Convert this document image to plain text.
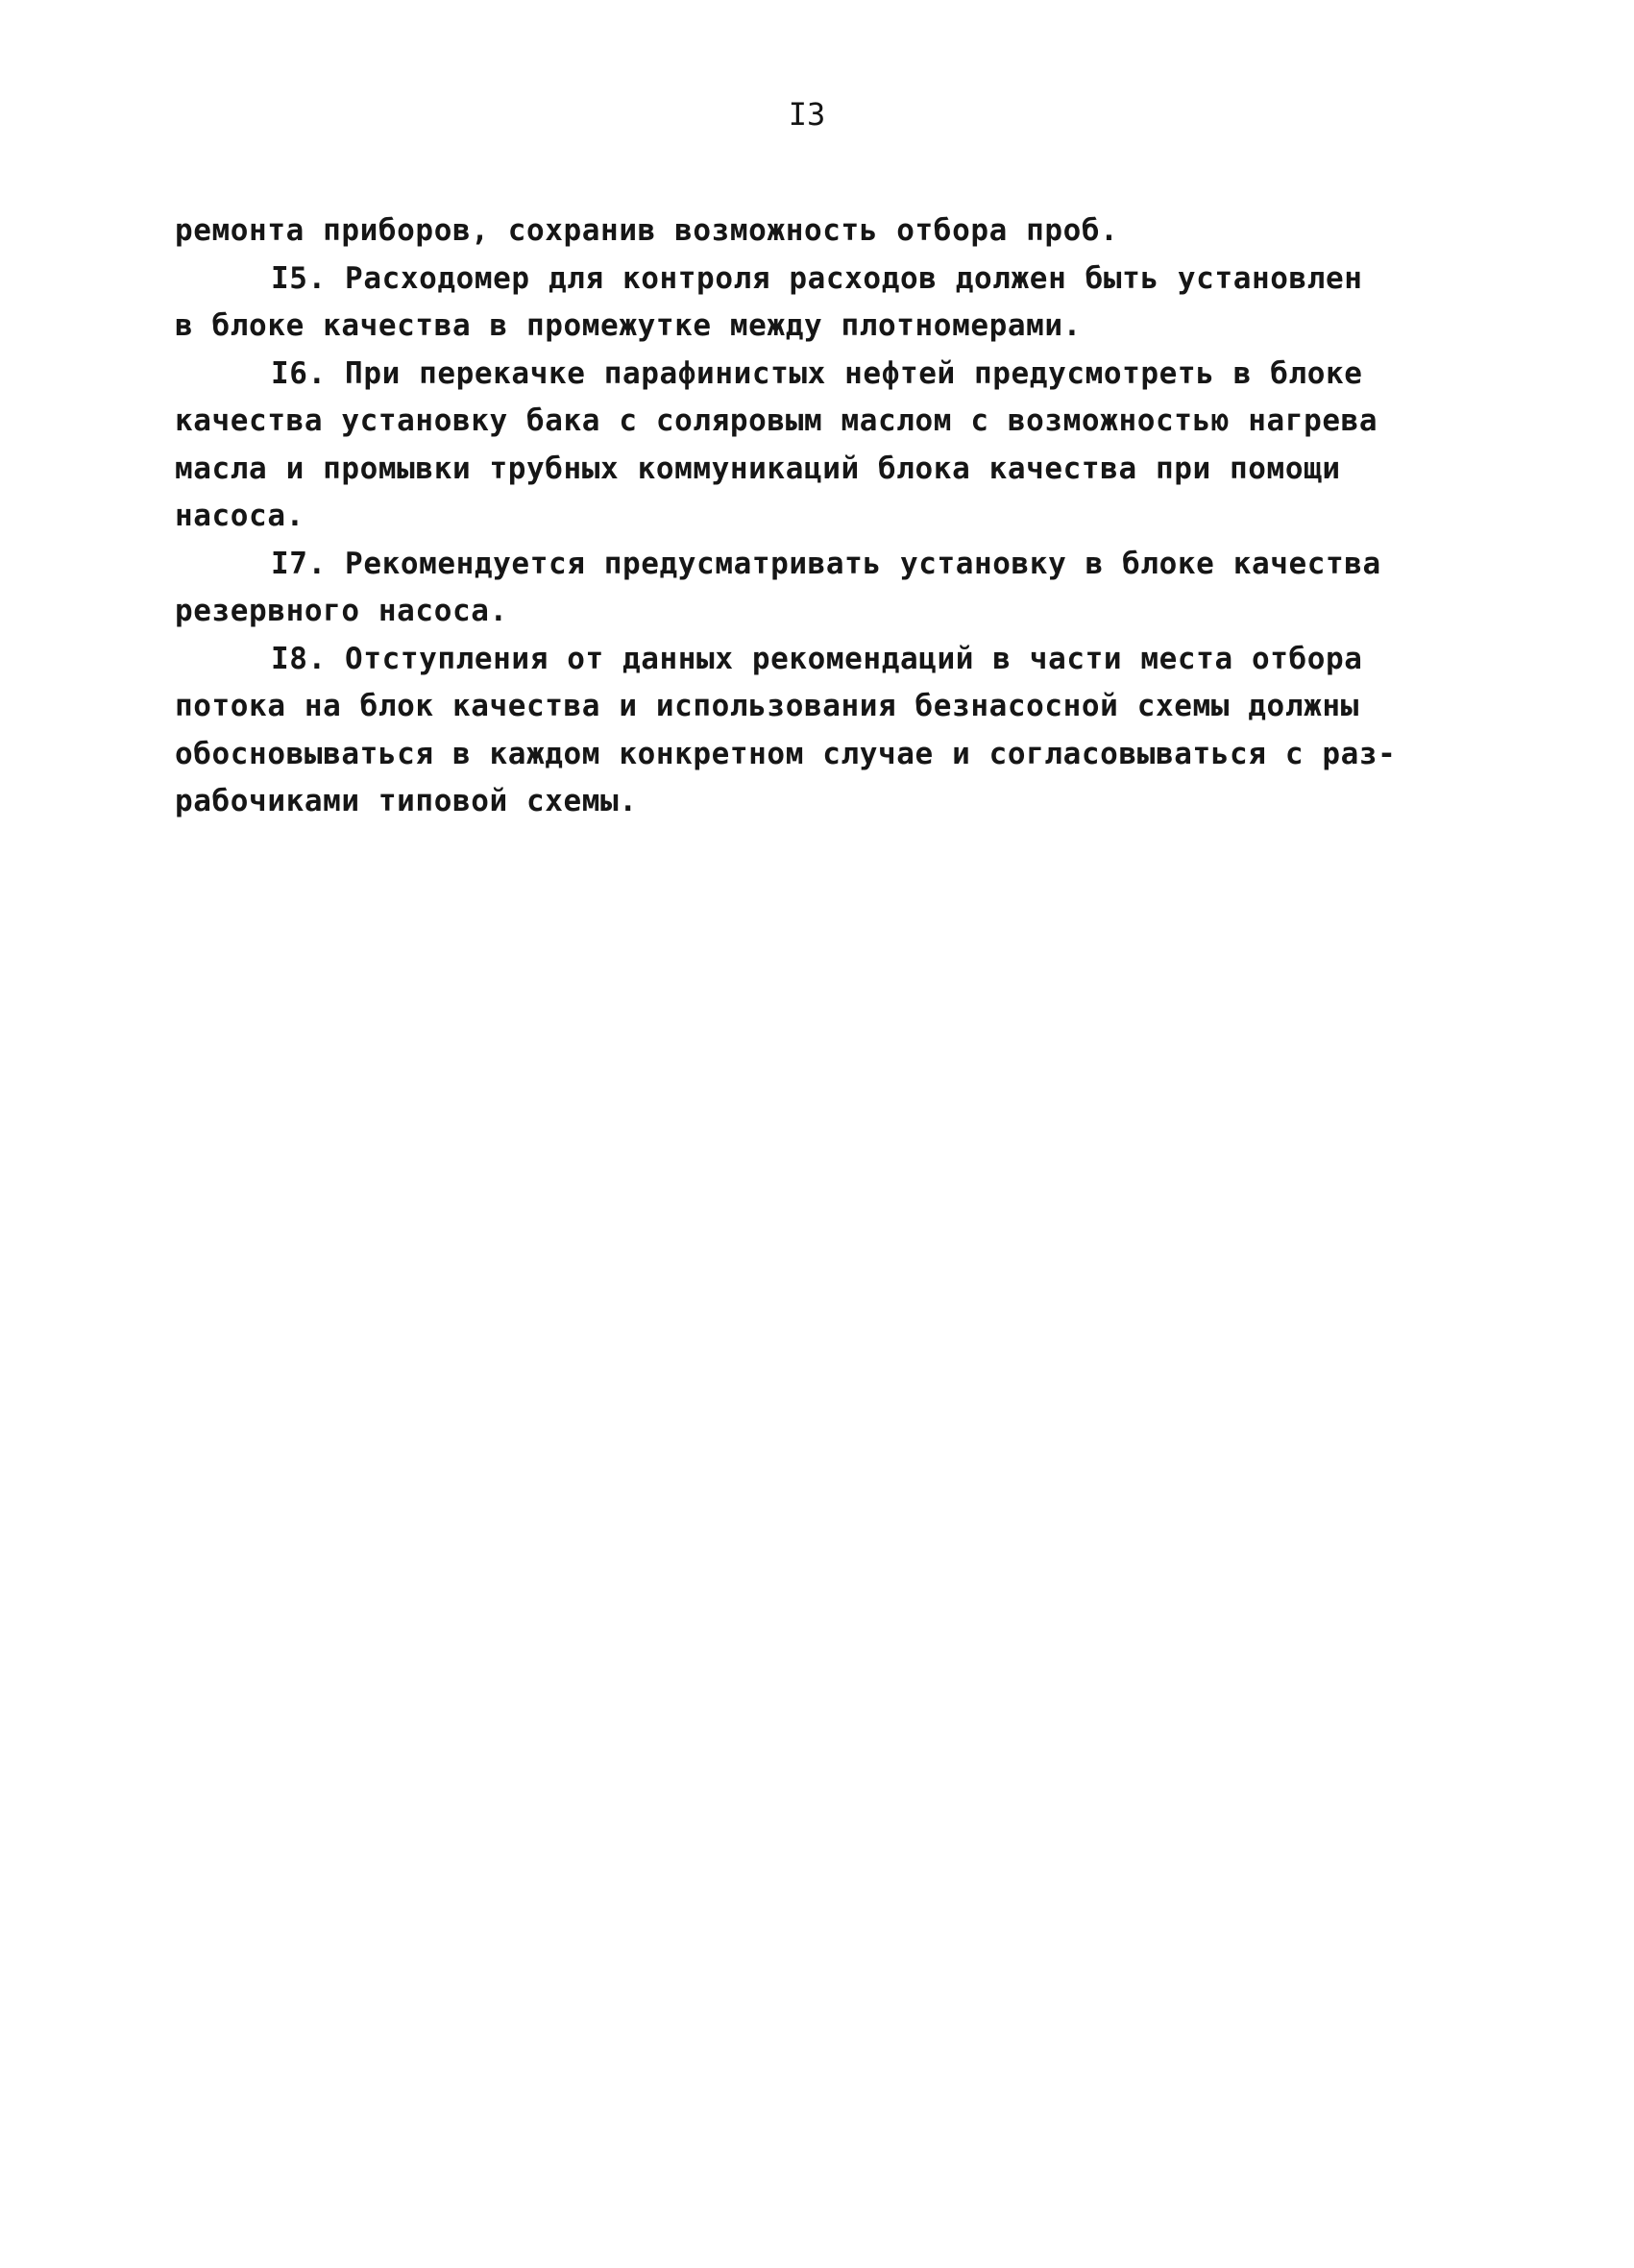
I3
ремонта приборов, сохранив возможность отбора проб.
I5. Расходомер для контроля расходов должен быть установлен
в блоке качества в промежутке между плотномерами.
I6. При перекачке парафинистых нефтей предусмотреть в блоке
качества установку бака с соляровым маслом с возможностью нагрева
масла и промывки трубных коммуникаций блока качества при помощи
насоса.
I7. Рекомендуется предусматривать установку в блоке качества
резервного насоса.
I8. Отступления от данных рекомендаций в части места отбора
потока на блок качества и использования безнасосной схемы должны
обосновываться в каждом конкретном случае и согласовываться с раз-
рабочиками типовой схемы.
